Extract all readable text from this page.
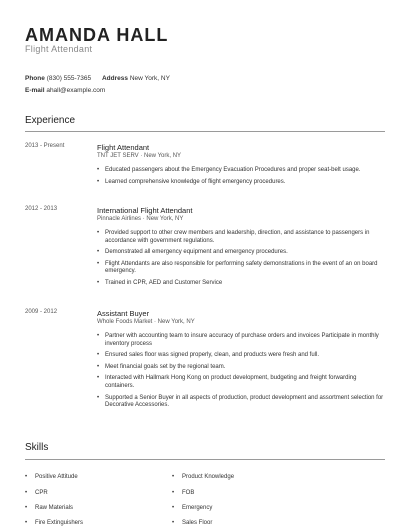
AMANDA HALL
Flight Attendant
Phone (830) 555-7365 Address New York, NY
E-mail ahall@example.com
Experience
2013 - Present	Flight Attendant
TNT JET SERV · New York, NY
• Educated passengers about the Emergency Evacuation Procedures and proper seat-belt usage.
• Learned comprehensive knowledge of flight emergency procedures.
2012 - 2013	International Flight Attendant
Pinnacle Airlines · New York, NY
• Provided support to other crew members and leadership, direction, and assistance to passengers in accordance with government regulations.
• Demonstrated all emergency equipment and emergency procedures.
• Flight Attendants are also responsible for performing safety demonstrations in the event of an on board emergency.
• Trained in CPR, AED and Customer Service
2009 - 2012	Assistant Buyer
Whole Foods Market · New York, NY
• Partner with accounting team to insure accuracy of purchase orders and invoices Participate in monthly inventory process
• Ensured sales floor was signed properly, clean, and products were fresh and full.
• Meet financial goals set by the regional team.
• Interacted with Hallmark Hong Kong on product development, budgeting and freight forwarding containers.
• Supported a Senior Buyer in all aspects of production, product development and assortment selection for Decorative Accessories.
Skills
• Positive Attitude	• Product Knowledge
• CPR	• FOB
• Raw Materials	• Emergency
• Fire Extinguishers	• Sales Floor
